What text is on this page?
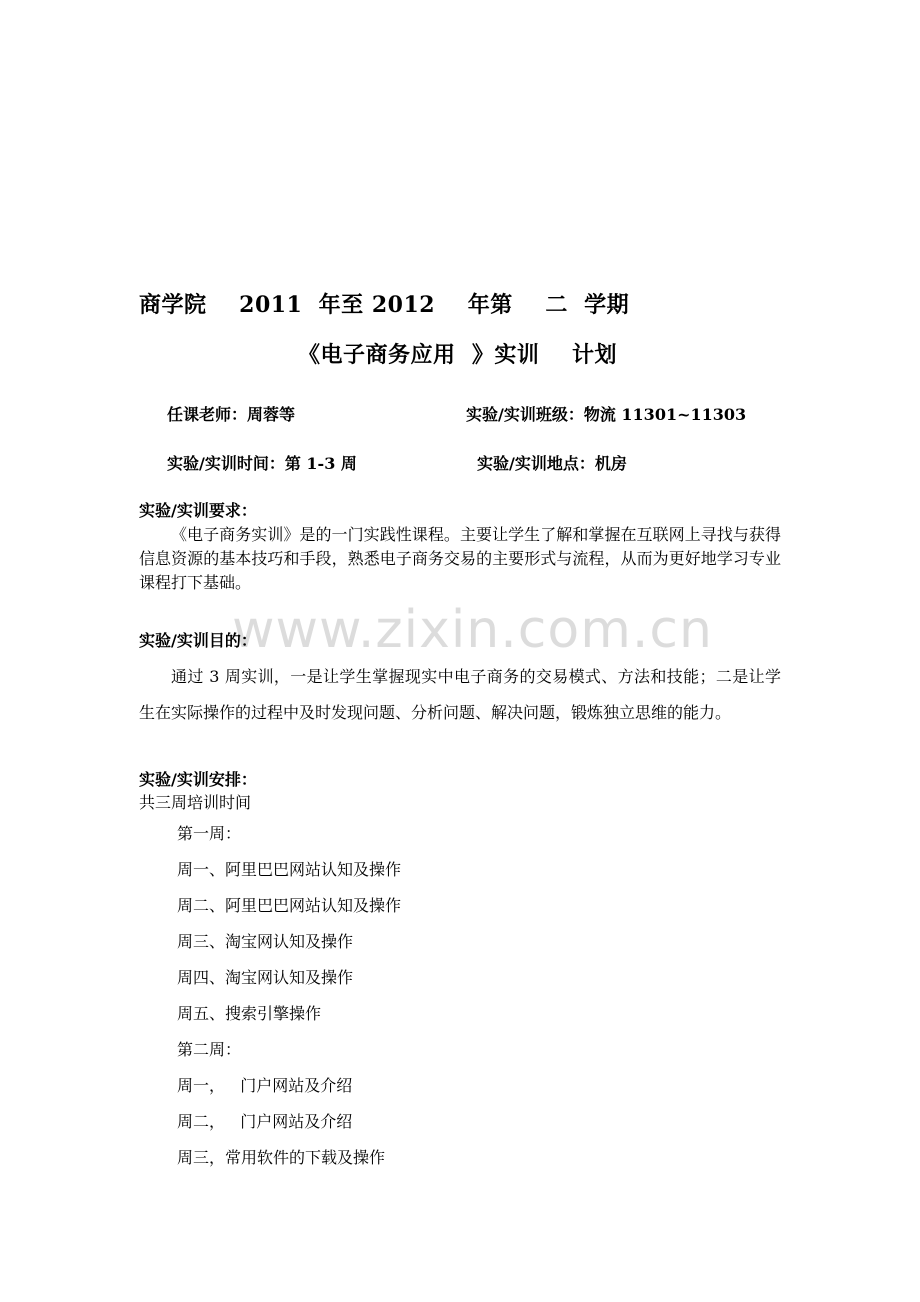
www.zixin.com.cn
商学院    2011  年至 2012    年第    二  学期
《电子商务应用  》实训    计划
任课老师：周蓉等	实验/实训班级：物流 11301~11303
实验/实训时间：第 1-3 周	实验/实训地点：机房
实验/实训要求：
《电子商务实训》是的一门实践性课程。主要让学生了解和掌握在互联网上寻找与获得信息资源的基本技巧和手段，熟悉电子商务交易的主要形式与流程，从而为更好地学习专业课程打下基础。
实验/实训目的：
通过 3 周实训，一是让学生掌握现实中电子商务的交易模式、方法和技能；二是让学生在实际操作的过程中及时发现问题、分析问题、解决问题，锻炼独立思维的能力。
实验/实训安排：
共三周培训时间
第一周：
周一、阿里巴巴网站认知及操作
周二、阿里巴巴网站认知及操作
周三、淘宝网认知及操作
周四、淘宝网认知及操作
周五、搜索引擎操作
第二周：
周一，   门户网站及介绍
周二，   门户网站及介绍
周三，常用软件的下载及操作
